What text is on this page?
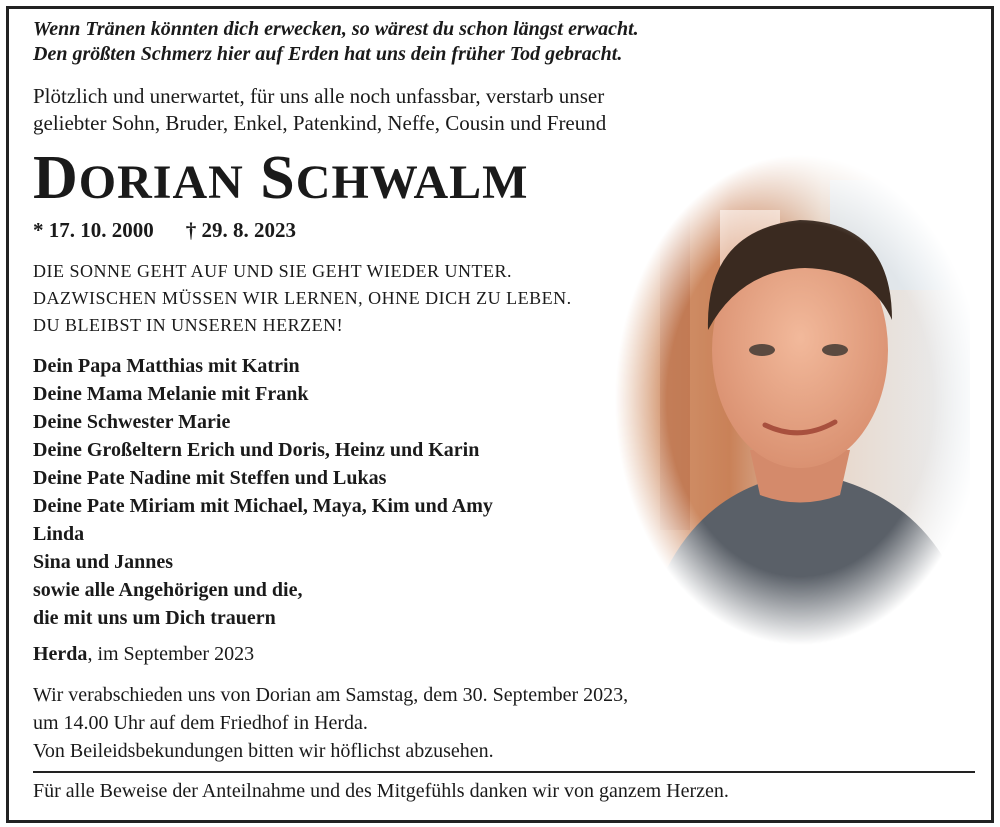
Wenn Tränen könnten dich erwecken, so wärest du schon längst erwacht.
Den größten Schmerz hier auf Erden hat uns dein früher Tod gebracht.
Plötzlich und unerwartet, für uns alle noch unfassbar, verstarb unser
geliebter Sohn, Bruder, Enkel, Patenkind, Neffe, Cousin und Freund
DORIAN SCHWALM
* 17. 10. 2000 † 29. 8. 2023
DIE SONNE GEHT AUF UND SIE GEHT WIEDER UNTER.
DAZWISCHEN MÜSSEN WIR LERNEN, OHNE DICH ZU LEBEN.
DU BLEIBST IN UNSEREN HERZEN!
Dein Papa Matthias mit Katrin
Deine Mama Melanie mit Frank
Deine Schwester Marie
Deine Großeltern Erich und Doris, Heinz und Karin
Deine Pate Nadine mit Steffen und Lukas
Deine Pate Miriam mit Michael, Maya, Kim und Amy
Linda
Sina und Jannes
sowie alle Angehörigen und die,
die mit uns um Dich trauern
Herda, im September 2023
Wir verabschieden uns von Dorian am Samstag, dem 30. September 2023,
um 14.00 Uhr auf dem Friedhof in Herda.
Von Beileidsbekundungen bitten wir höflichst abzusehen.
Für alle Beweise der Anteilnahme und des Mitgefühls danken wir von ganzem Herzen.
